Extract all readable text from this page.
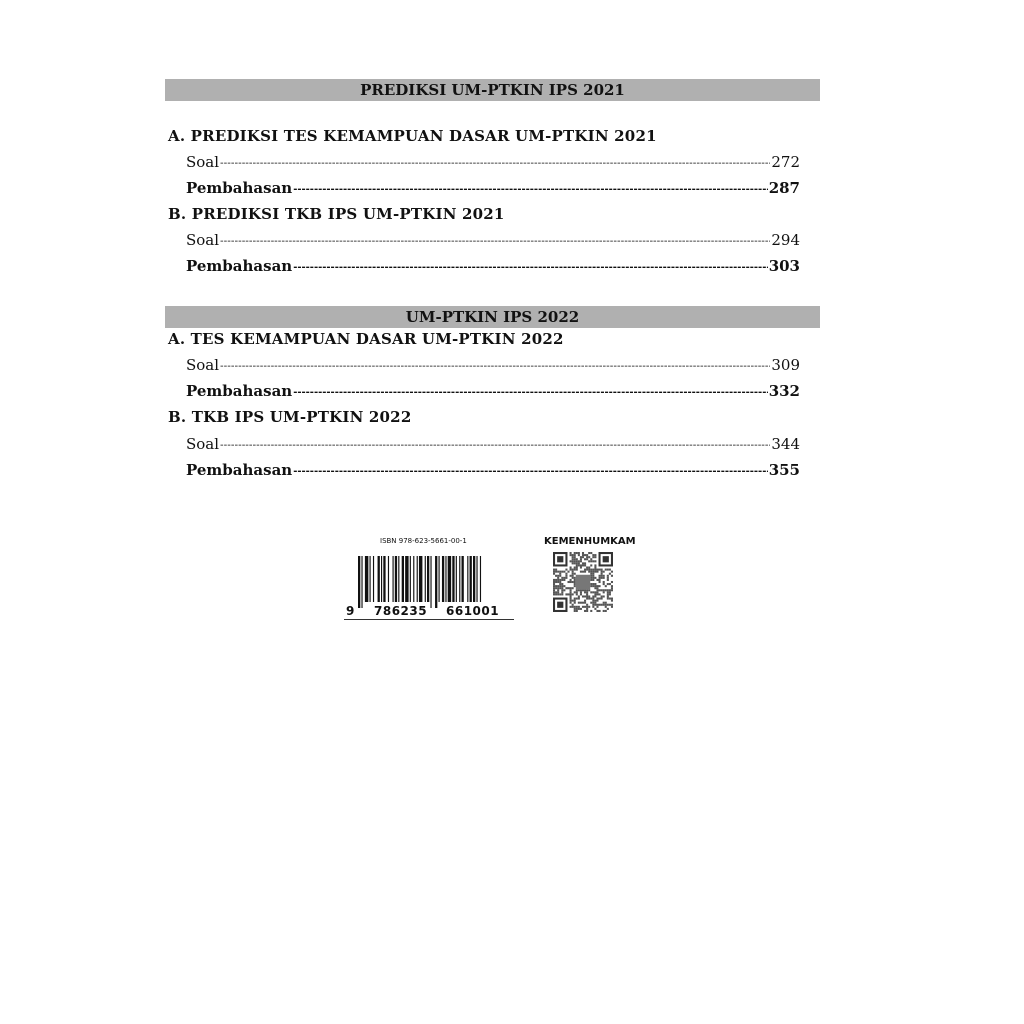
PREDIKSI UM-PTKIN IPS 2021
A. PREDIKSI TES KEMAMPUAN DASAR UM-PTKIN 2021
Soal -----	272
Pembahasan -----	287
B. PREDIKSI TKB IPS UM-PTKIN 2021
Soal -----	294
Pembahasan -----	303
UM-PTKIN IPS 2022
A. TES KEMAMPUAN DASAR UM-PTKIN 2022
Soal -----	309
Pembahasan -----	332
B. TKB IPS UM-PTKIN 2022
Soal -----	344
Pembahasan -----	355
ISBN 978-623-5661-00-1
9 786235 661001
KEMENHUMKAM
